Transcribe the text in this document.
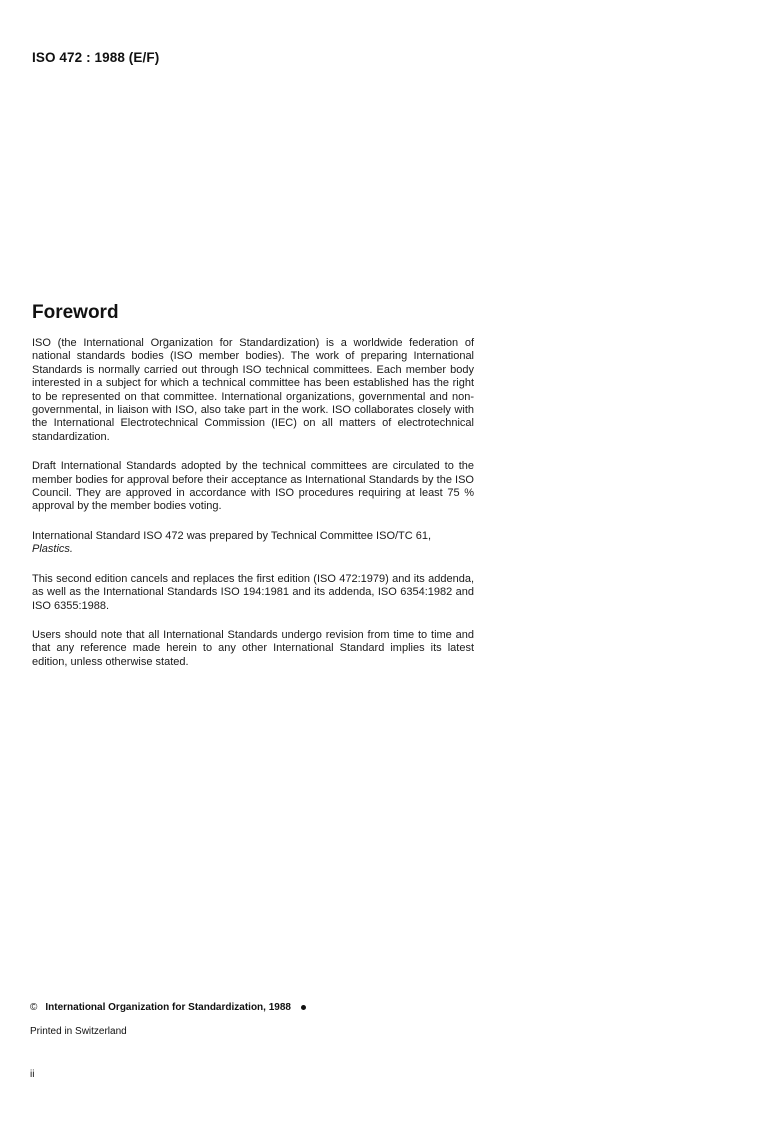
ISO 472 : 1988 (E/F)
Foreword

ISO (the International Organization for Standardization) is a worldwide federation of national standards bodies (ISO member bodies). The work of preparing International Standards is normally carried out through ISO technical committees. Each member body interested in a subject for which a technical committee has been established has the right to be represented on that committee. International organizations, governmental and non-governmental, in liaison with ISO, also take part in the work. ISO collaborates closely with the International Electrotechnical Commission (IEC) on all matters of electrotechnical standardization.

Draft International Standards adopted by the technical committees are circulated to the member bodies for approval before their acceptance as International Standards by the ISO Council. They are approved in accordance with ISO procedures requiring at least 75 % approval by the member bodies voting.

International Standard ISO 472 was prepared by Technical Committee ISO/TC 61,
Plastics.

This second edition cancels and replaces the first edition (ISO 472:1979) and its addenda, as well as the International Standards ISO 194:1981 and its addenda, ISO 6354:1982 and ISO 6355:1988.

Users should note that all International Standards undergo revision from time to time and that any reference made herein to any other International Standard implies its latest edition, unless otherwise stated.

© International Organization for Standardization, 1988
Printed in Switzerland
ii
